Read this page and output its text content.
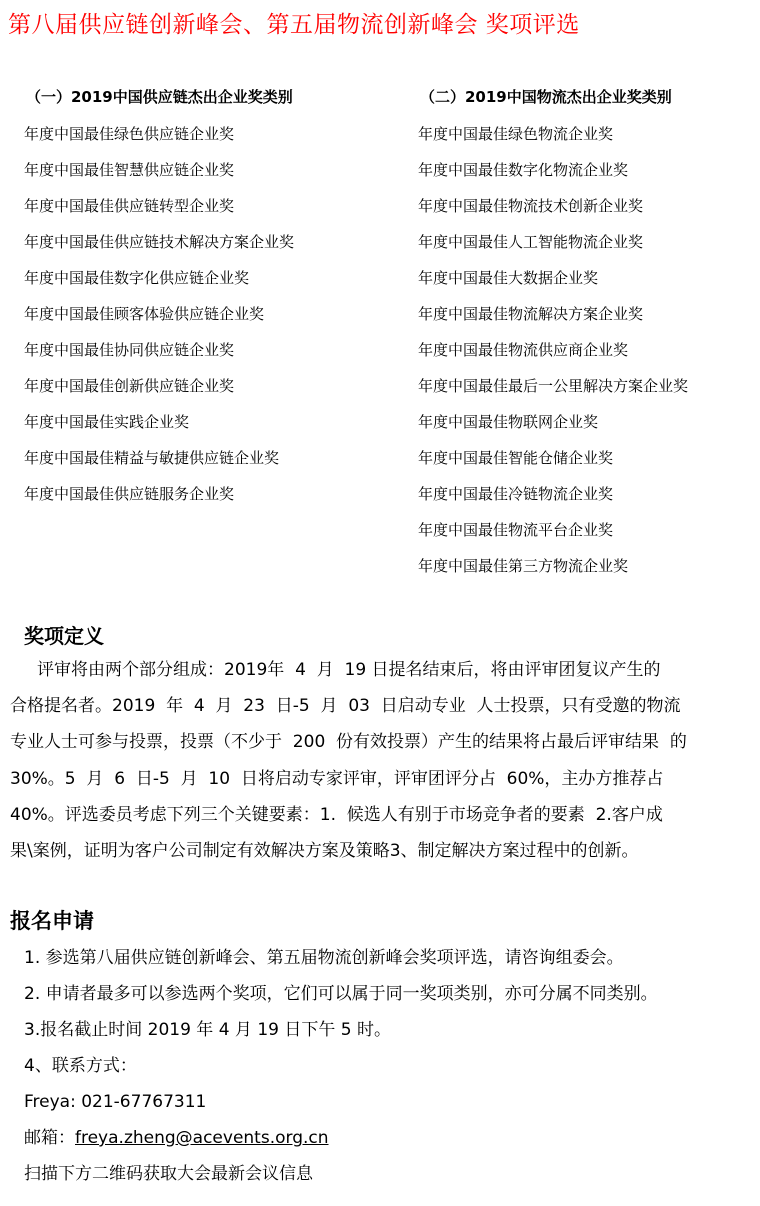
第八届供应链创新峰会、第五届物流创新峰会 奖项评选
（一）2019中国供应链杰出企业奖类别
年度中国最佳绿色供应链企业奖
年度中国最佳智慧供应链企业奖
年度中国最佳供应链转型企业奖
年度中国最佳供应链技术解决方案企业奖
年度中国最佳数字化供应链企业奖
年度中国最佳顾客体验供应链企业奖
年度中国最佳协同供应链企业奖
年度中国最佳创新供应链企业奖
年度中国最佳实践企业奖
年度中国最佳精益与敏捷供应链企业奖
年度中国最佳供应链服务企业奖
（二）2019中国物流杰出企业奖类别
年度中国最佳绿色物流企业奖
年度中国最佳数字化物流企业奖
年度中国最佳物流技术创新企业奖
年度中国最佳人工智能物流企业奖
年度中国最佳大数据企业奖
年度中国最佳物流解决方案企业奖
年度中国最佳物流供应商企业奖
年度中国最佳最后一公里解决方案企业奖
年度中国最佳物联网企业奖
年度中国最佳智能仓储企业奖
年度中国最佳冷链物流企业奖
年度中国最佳物流平台企业奖
年度中国最佳第三方物流企业奖
奖项定义
评审将由两个部分组成：2019年  4  月  19 日提名结束后，将由评审团复议产生的
合格提名者。2019  年  4  月  23  日-5  月  03  日启动专业  人士投票，只有受邀的物流
专业人士可参与投票，投票（不少于  200  份有效投票）产生的结果将占最后评审结果  的
30%。5  月  6  日-5  月  10  日将启动专家评审，评审团评分占  60%，主办方推荐占
40%。评选委员考虑下列三个关键要素：1.  候选人有别于市场竞争者的要素  2.客户成
果\案例，证明为客户公司制定有效解决方案及策略3、制定解决方案过程中的创新。
报名申请
1. 参选第八届供应链创新峰会、第五届物流创新峰会奖项评选，请咨询组委会。
2. 申请者最多可以参选两个奖项，它们可以属于同一奖项类别，亦可分属不同类别。
3.报名截止时间 2019 年 4 月 19 日下午 5 时。
4、联系方式：
Freya: 021-67767311
邮箱：freya.zheng@acevents.org.cn
扫描下方二维码获取大会最新会议信息
